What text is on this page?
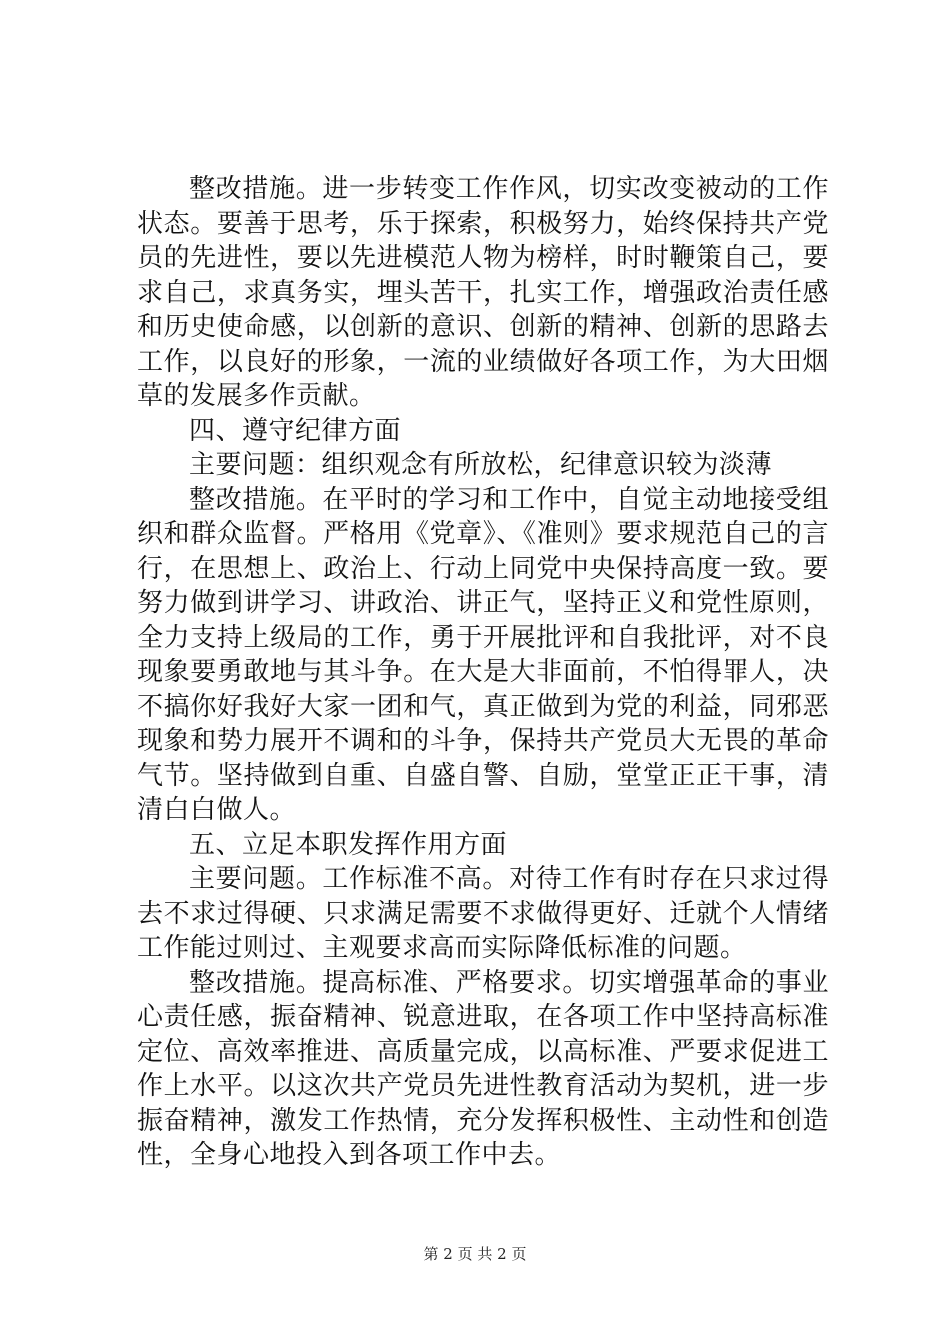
整改措施。进一步转变工作作风，切实改变被动的工作状态。要善于思考，乐于探索，积极努力，始终保持共产党员的先进性，要以先进模范人物为榜样，时时鞭策自己，要求自己，求真务实，埋头苦干，扎实工作，增强政治责任感和历史使命感，以创新的意识、创新的精神、创新的思路去工作，以良好的形象，一流的业绩做好各项工作，为大田烟草的发展多作贡献。

四、遵守纪律方面

主要问题：组织观念有所放松，纪律意识较为淡薄

整改措施。在平时的学习和工作中，自觉主动地接受组织和群众监督。严格用《党章》、《准则》要求规范自己的言行，在思想上、政治上、行动上同党中央保持高度一致。要努力做到讲学习、讲政治、讲正气，坚持正义和党性原则，全力支持上级局的工作，勇于开展批评和自我批评，对不良现象要勇敢地与其斗争。在大是大非面前，不怕得罪人，决不搞你好我好大家一团和气，真正做到为党的利益，同邪恶现象和势力展开不调和的斗争，保持共产党员大无畏的革命气节。坚持做到自重、自盛自警、自励，堂堂正正干事，清清白白做人。

五、立足本职发挥作用方面

主要问题。工作标准不高。对待工作有时存在只求过得去不求过得硬、只求满足需要不求做得更好、迁就个人情绪工作能过则过、主观要求高而实际降低标准的问题。

整改措施。提高标准、严格要求。切实增强革命的事业心责任感，振奋精神、锐意进取，在各项工作中坚持高标准定位、高效率推进、高质量完成，以高标准、严要求促进工作上水平。以这次共产党员先进性教育活动为契机，进一步振奋精神，激发工作热情，充分发挥积极性、主动性和创造性，全身心地投入到各项工作中去。

第 2 页 共 2 页
